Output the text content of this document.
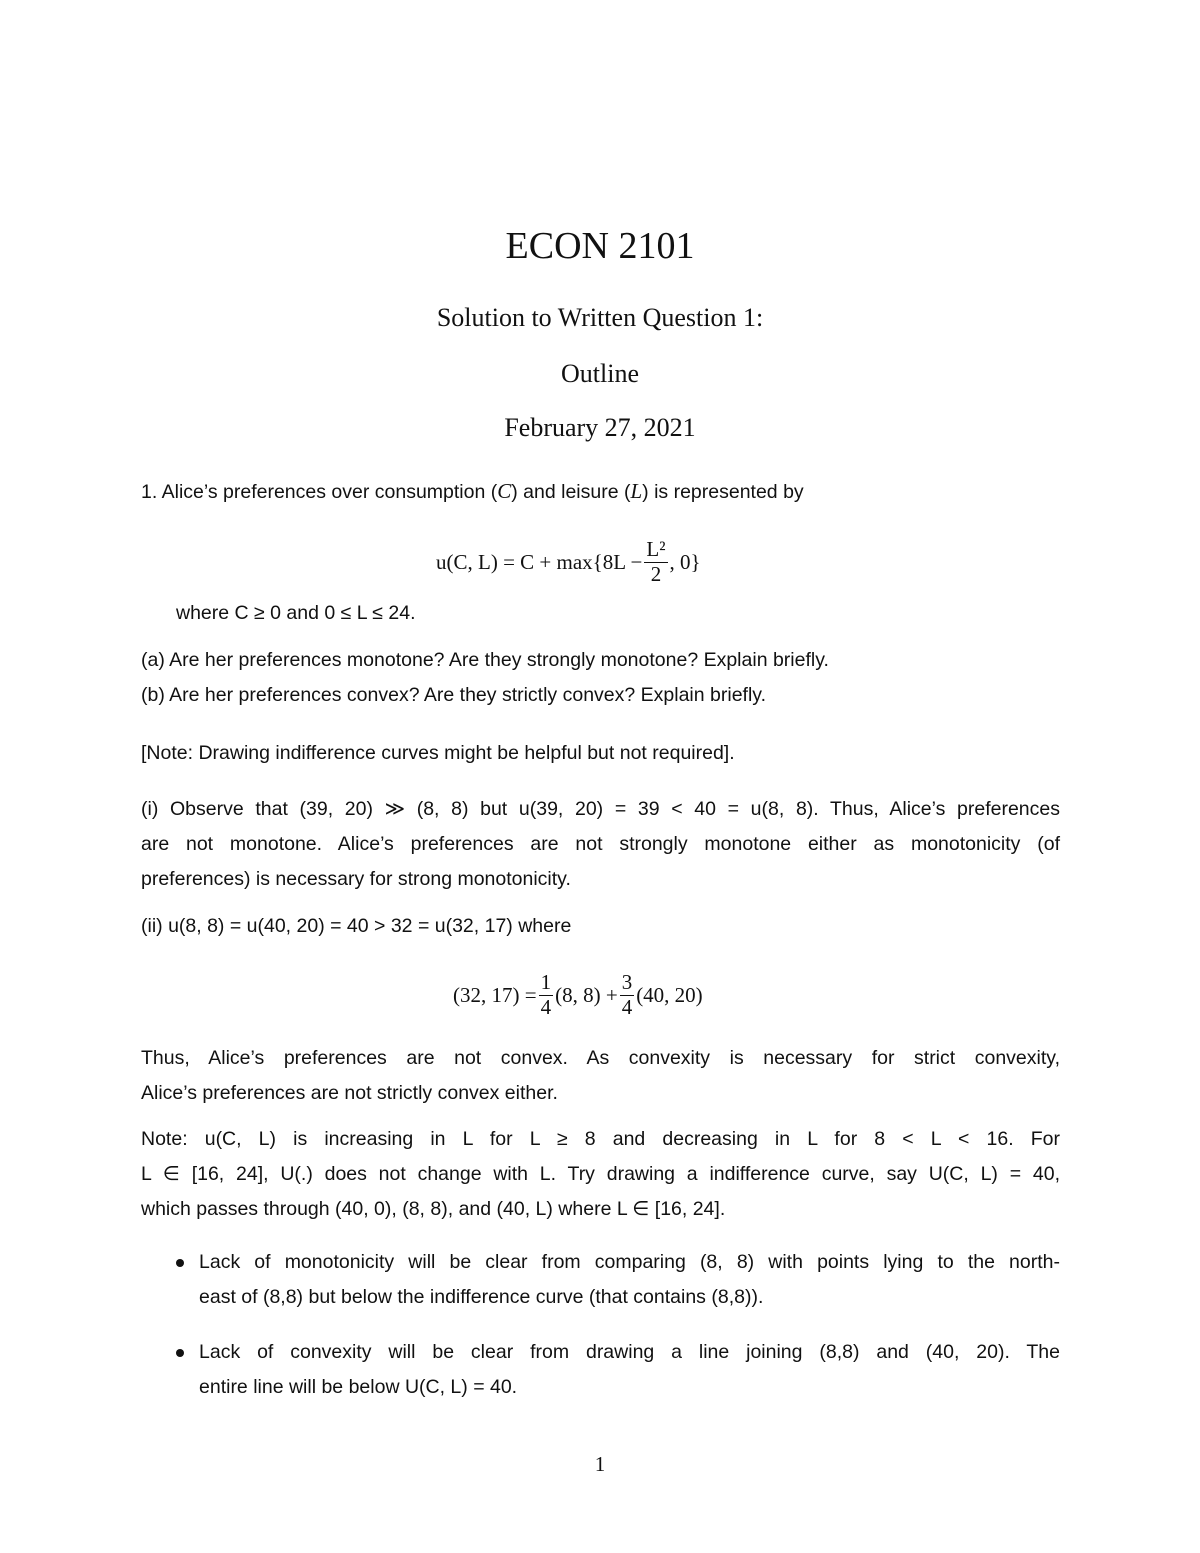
ECON 2101
Solution to Written Question 1:
Outline
February 27, 2021
1. Alice’s preferences over consumption (C) and leisure (L) is represented by
u(C, $L) = C + \max\{8L - \frac{\text{L²}}{2}$ , 0}
where C ≥ 0 and 0 ≤ L ≤ 24.
(a) Are her preferences monotone? Are they strongly monotone? Explain briefly.
(b) Are her preferences convex? Are they strictly convex? Explain briefly.
[Note: Drawing indifference curves might be helpful but not required].
(i) Observe that (39, 20) ≫ (8, 8) but u(39, 20) = 39 < 40 = u(8, 8). Thus, Alice’s preferences
are not monotone. Alice’s preferences are not strongly monotone either as monotonicity (of
preferences) is necessary for strong monotonicity.
(ii) u(8, 8) = u(40, 20) = 40 > 32 = u(32, 17) where
(32, $17) = \frac{1}{4} (8$, $8) + \frac{3}{4} (40$, 20)
Thus, Alice’s preferences are not convex. As convexity is necessary for strict convexity,
Alice’s preferences are not strictly convex either.
Note: u(C, L) is increasing in L for L ≥ 8 and decreasing in L for 8 < L < 16. For
L ∈ [16, 24], U(.) does not change with L. Try drawing a indifference curve, say U(C, L) = 40,
which passes through (40, 0), (8, 8), and (40, L) where L ∈ [16, 24].
Lack of monotonicity will be clear from comparing (8, 8) with points lying to the north-
east of (8,8) but below the indifference curve (that contains (8,8)).
Lack of convexity will be clear from drawing a line joining (8,8) and (40, 20). The
entire line will be below U(C, L) = 40.
1
